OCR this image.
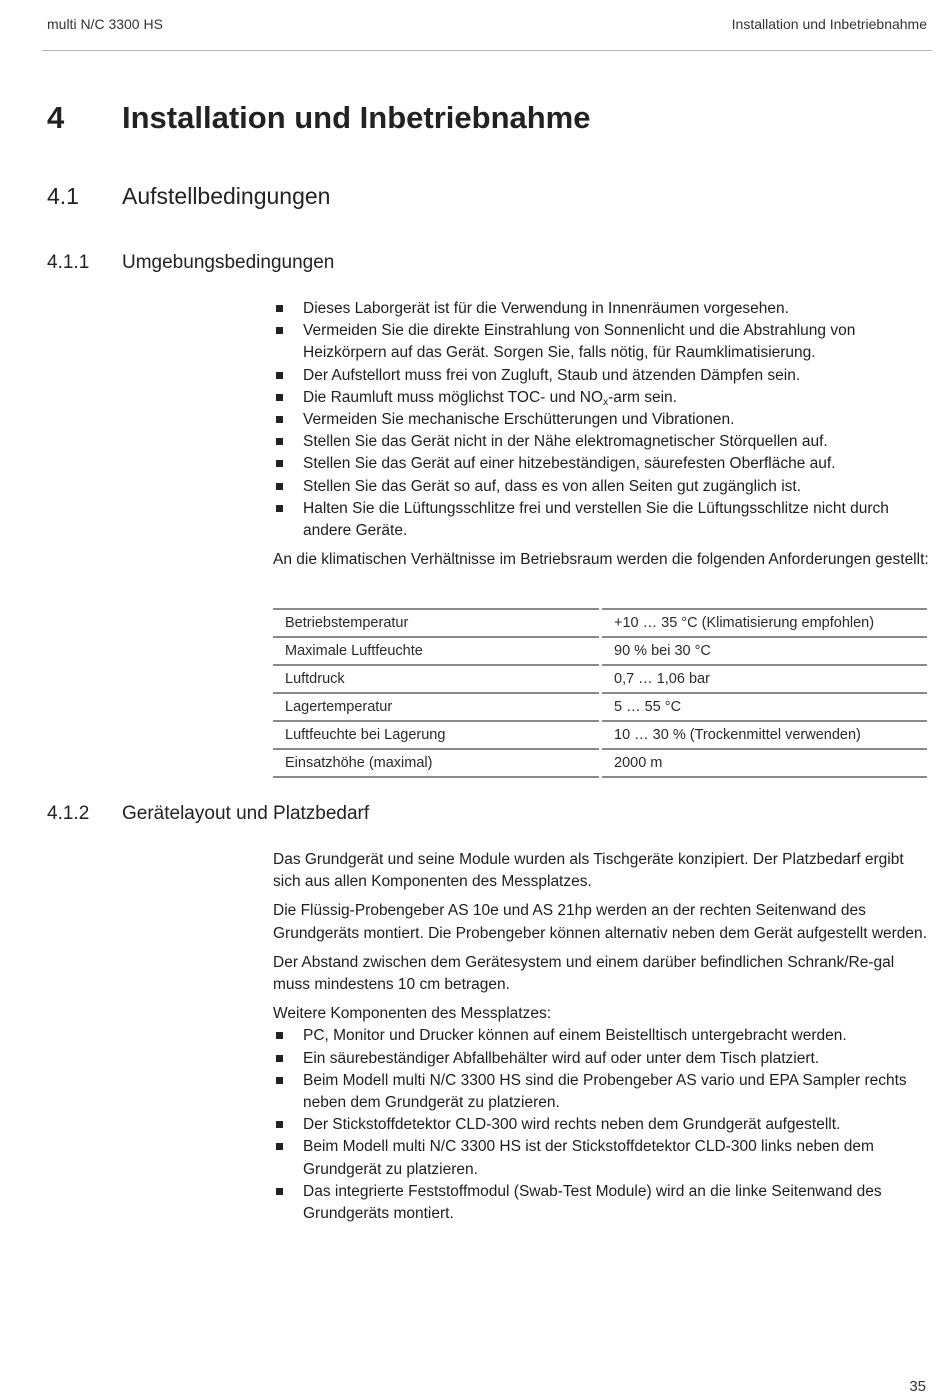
multi N/C 3300 HS	Installation und Inbetriebnahme
4 Installation und Inbetriebnahme
4.1 Aufstellbedingungen
4.1.1 Umgebungsbedingungen
Dieses Laborgerät ist für die Verwendung in Innenräumen vorgesehen.
Vermeiden Sie die direkte Einstrahlung von Sonnenlicht und die Abstrahlung von Heizkörpern auf das Gerät. Sorgen Sie, falls nötig, für Raumklimatisierung.
Der Aufstellort muss frei von Zugluft, Staub und ätzenden Dämpfen sein.
Die Raumluft muss möglichst TOC- und $NO_x$-arm sein.
Vermeiden Sie mechanische Erschütterungen und Vibrationen.
Stellen Sie das Gerät nicht in der Nähe elektromagnetischer Störquellen auf.
Stellen Sie das Gerät auf einer hitzebeständigen, säurefesten Oberfläche auf.
Stellen Sie das Gerät so auf, dass es von allen Seiten gut zugänglich ist.
Halten Sie die Lüftungsschlitze frei und verstellen Sie die Lüftungsschlitze nicht durch andere Geräte.

An die klimatischen Verhältnisse im Betriebsraum werden die folgenden Anforderungen gestellt:

Betriebstemperatur	+10 … 35 °C (Klimatisierung empfohlen)
Maximale Luftfeuchte	90 % bei 30 °C
Luftdruck	0,7 … 1,06 bar
Lagertemperatur	5 … 55 °C
Luftfeuchte bei Lagerung	10 … 30 % (Trockenmittel verwenden)
Einsatzhöhe (maximal)	2000 m
4.1.2 Gerätelayout und Platzbedarf

Das Grundgerät und seine Module wurden als Tischgeräte konzipiert. Der Platzbedarf ergibt sich aus allen Komponenten des Messplatzes.

Die Flüssig-Probengeber AS 10e und AS 21hp werden an der rechten Seitenwand des Grundgeräts montiert. Die Probengeber können alternativ neben dem Gerät aufgestellt werden.

Der Abstand zwischen dem Gerätesystem und einem darüber befindlichen Schrank/Re-gal muss mindestens 10 cm betragen.

Weitere Komponenten des Messplatzes:

PC, Monitor und Drucker können auf einem Beistelltisch untergebracht werden.
Ein säurebeständiger Abfallbehälter wird auf oder unter dem Tisch platziert.
Beim Modell multi N/C 3300 HS sind die Probengeber AS vario und EPA Sampler rechts neben dem Grundgerät zu platzieren.
Der Stickstoffdetektor CLD-300 wird rechts neben dem Grundgerät aufgestellt.
Beim Modell multi N/C 3300 HS ist der Stickstoffdetektor CLD-300 links neben dem Grundgerät zu platzieren.
Das integrierte Feststoffmodul (Swab-Test Module) wird an die linke Seitenwand des Grundgeräts montiert.
35
